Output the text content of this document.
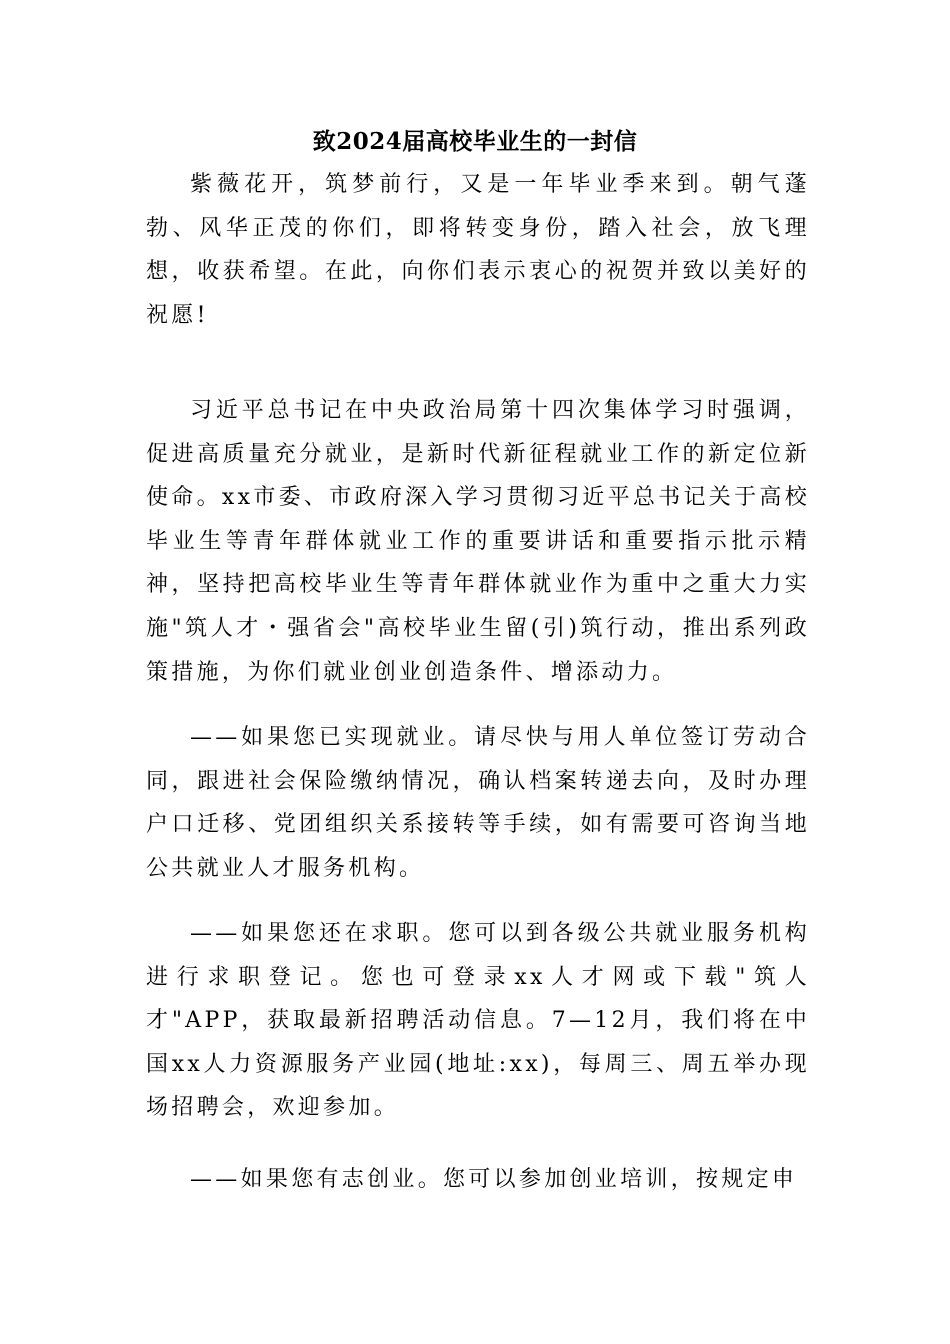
致2024届高校毕业生的一封信

紫薇花开，筑梦前行，又是一年毕业季来到。朝气蓬勃、风华正茂的你们，即将转变身份，踏入社会，放飞理想，收获希望。在此，向你们表示衷心的祝贺并致以美好的祝愿!

习近平总书记在中央政治局第十四次集体学习时强调，促进高质量充分就业，是新时代新征程就业工作的新定位新使命。xx市委、市政府深入学习贯彻习近平总书记关于高校毕业生等青年群体就业工作的重要讲话和重要指示批示精神，坚持把高校毕业生等青年群体就业作为重中之重大力实施"筑人才・强省会"高校毕业生留(引)筑行动，推出系列政策措施，为你们就业创业创造条件、增添动力。

——如果您已实现就业。请尽快与用人单位签订劳动合同，跟进社会保险缴纳情况，确认档案转递去向，及时办理户口迁移、党团组织关系接转等手续，如有需要可咨询当地公共就业人才服务机构。

——如果您还在求职。您可以到各级公共就业服务机构进行求职登记。您也可登录xx人才网或下载"筑人才"APP，获取最新招聘活动信息。7—12月，我们将在中国xx人力资源服务产业园(地址:xx)，每周三、周五举办现场招聘会，欢迎参加。

——如果您有志创业。您可以参加创业培训，按规定申
